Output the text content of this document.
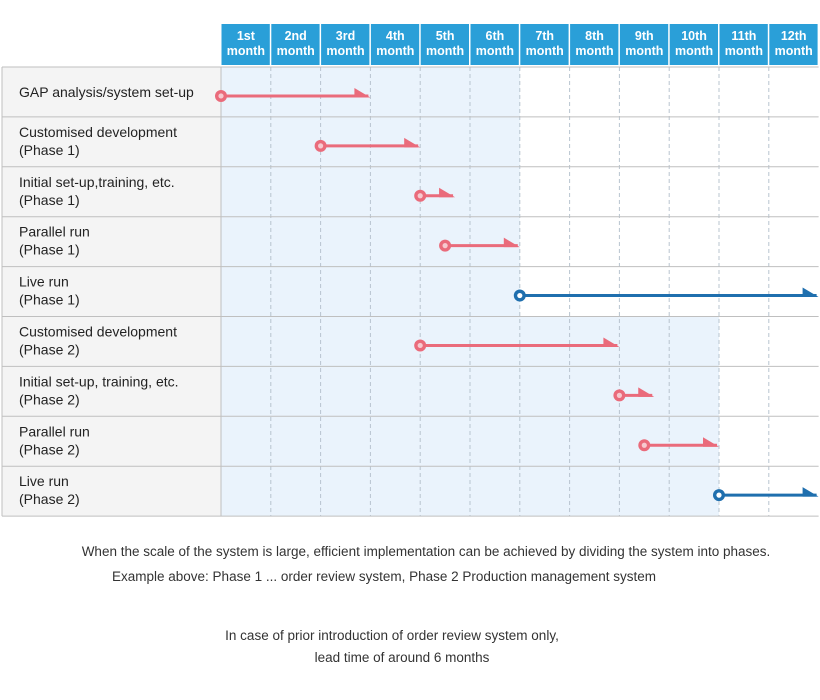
1st
month
2nd
month
3rd
month
4th
month
5th
month
6th
month
7th
month
8th
month
9th
month
10th
month
11th
month
12th
month
GAP analysis/system set-up
Customised development
(Phase 1)
Initial set-up,training, etc.
(Phase 1)
Parallel run
(Phase 1)
Live run
(Phase 1)
Customised development
(Phase 2)
Initial set-up, training, etc.
(Phase 2)
Parallel run
(Phase 2)
Live run
(Phase 2)
When the scale of the system is large, efficient implementation can be achieved by dividing the system into phases.
Example above: Phase 1 ... order review system, Phase 2 Production management system
In case of prior introduction of order review system only,
lead time of around 6 months
